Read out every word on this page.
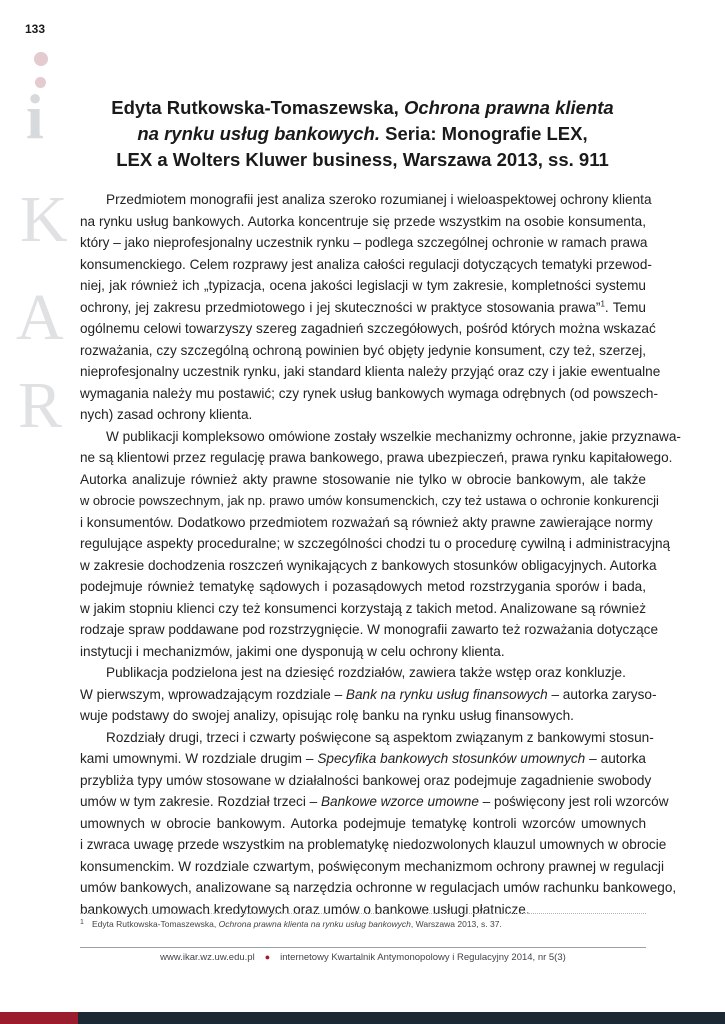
133
i
K
A
R
Edyta Rutkowska-Tomaszewska, Ochrona prawna klienta
na rynku usług bankowych. Seria: Monografie LEX,
LEX a Wolters Kluwer business, Warszawa 2013, ss. 911
Przedmiotem monografii jest analiza szeroko rozumianej i wieloaspektowej ochrony klienta
na rynku usług bankowych. Autorka koncentruje się przede wszystkim na osobie konsumenta,
który – jako nieprofesjonalny uczestnik rynku – podlega szczególnej ochronie w ramach prawa
konsumenckiego. Celem rozprawy jest analiza całości regulacji dotyczących tematyki przewod-
niej, jak również ich „typizacja, ocena jakości legislacji w tym zakresie, kompletności systemu
ochrony, jej zakresu przedmiotowego i jej skuteczności w praktyce stosowania prawa”$^1$. Temu
ogólnemu celowi towarzyszy szereg zagadnień szczegółowych, pośród których można wskazać
rozważania, czy szczególną ochroną powinien być objęty jedynie konsument, czy też, szerzej,
nieprofesjonalny uczestnik rynku, jaki standard klienta należy przyjąć oraz czy i jakie ewentualne
wymagania należy mu postawić; czy rynek usług bankowych wymaga odrębnych (od powszech-
nych) zasad ochrony klienta.
W publikacji kompleksowo omówione zostały wszelkie mechanizmy ochronne, jakie przyznawa-
ne są klientowi przez regulację prawa bankowego, prawa ubezpieczeń, prawa rynku kapitałowego.
Autorka analizuje również akty prawne stosowanie nie tylko w obrocie bankowym, ale także
w obrocie powszechnym, jak np. prawo umów konsumenckich, czy też ustawa o ochronie konkurencji
i konsumentów. Dodatkowo przedmiotem rozważań są również akty prawne zawierające normy
regulujące aspekty proceduralne; w szczególności chodzi tu o procedurę cywilną i administracyjną
w zakresie dochodzenia roszczeń wynikających z bankowych stosunków obligacyjnych. Autorka
podejmuje również tematykę sądowych i pozasądowych metod rozstrzygania sporów i bada,
w jakim stopniu klienci czy też konsumenci korzystają z takich metod. Analizowane są również
rodzaje spraw poddawane pod rozstrzygnięcie. W monografii zawarto też rozważania dotyczące
instytucji i mechanizmów, jakimi one dysponują w celu ochrony klienta.
Publikacja podzielona jest na dziesięć rozdziałów, zawiera także wstęp oraz konkluzje.
W pierwszym, wprowadzającym rozdziale – Bank na rynku usług finansowych – autorka zaryso-
wuje podstawy do swojej analizy, opisując rolę banku na rynku usług finansowych.
Rozdziały drugi, trzeci i czwarty poświęcone są aspektom związanym z bankowymi stosun-
kami umownymi. W rozdziale drugim – Specyfika bankowych stosunków umownych – autorka
przybliża typy umów stosowane w działalności bankowej oraz podejmuje zagadnienie swobody
umów w tym zakresie. Rozdział trzeci – Bankowe wzorce umowne – poświęcony jest roli wzorców
umownych w obrocie bankowym. Autorka podejmuje tematykę kontroli wzorców umownych
i zwraca uwagę przede wszystkim na problematykę niedozwolonych klauzul umownych w obrocie
konsumenckim. W rozdziale czwartym, poświęconym mechanizmom ochrony prawnej w regulacji
umów bankowych, analizowane są narzędzia ochronne w regulacjach umów rachunku bankowego,
bankowych umowach kredytowych oraz umów o bankowe usługi płatnicze.
1 Edyta Rutkowska-Tomaszewska, Ochrona prawna klienta na rynku usług bankowych, Warszawa 2013, s. 37.
www.ikar.wz.uw.edu.pl ● internetowy Kwartalnik Antymonopolowy i Regulacyjny 2014, nr 5(3)
